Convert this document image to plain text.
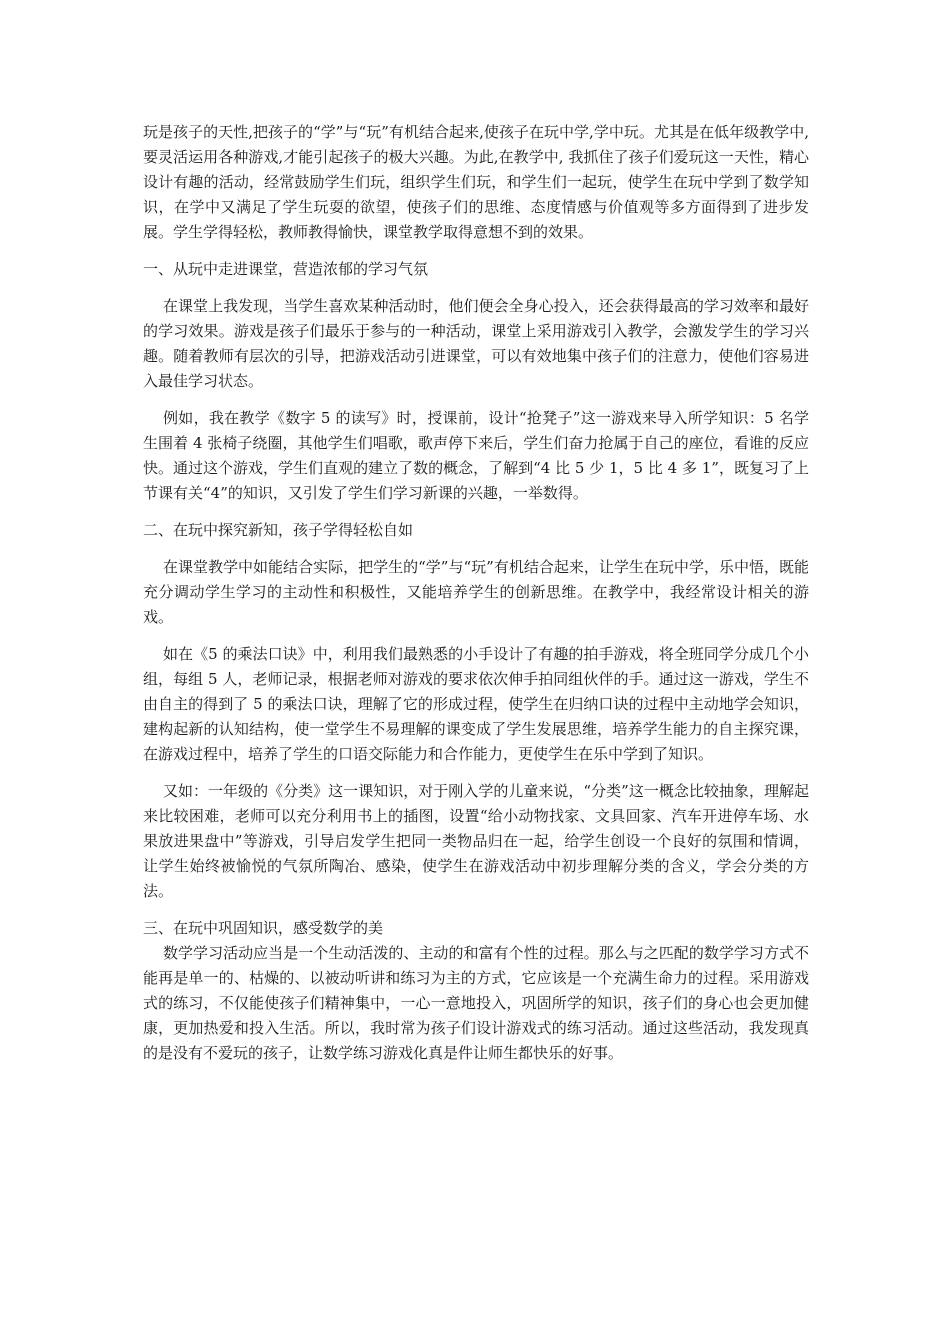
玩是孩子的天性,把孩子的“学”与“玩”有机结合起来,使孩子在玩中学,学中玩。尤其是在低年级教学中,要灵活运用各种游戏,才能引起孩子的极大兴趣。为此,在教学中, 我抓住了孩子们爱玩这一天性，精心设计有趣的活动，经常鼓励学生们玩，组织学生们玩，和学生们一起玩，使学生在玩中学到了数学知识，在学中又满足了学生玩耍的欲望，使孩子们的思维、态度情感与价值观等多方面得到了进步发展。学生学得轻松，教师教得愉快，课堂教学取得意想不到的效果。

一、从玩中走进课堂，营造浓郁的学习气氛

在课堂上我发现，当学生喜欢某种活动时，他们便会全身心投入，还会获得最高的学习效率和最好的学习效果。游戏是孩子们最乐于参与的一种活动，课堂上采用游戏引入教学，会激发学生的学习兴趣。随着教师有层次的引导，把游戏活动引进课堂，可以有效地集中孩子们的注意力，使他们容易进入最佳学习状态。

例如，我在教学《数字 5 的读写》时，授课前，设计“抢凳子”这一游戏来导入所学知识：5 名学生围着 4 张椅子绕圈，其他学生们唱歌，歌声停下来后，学生们奋力抢属于自己的座位，看谁的反应快。通过这个游戏，学生们直观的建立了数的概念，了解到“4 比 5 少 1，5 比 4 多 1”，既复习了上节课有关“4”的知识，又引发了学生们学习新课的兴趣，一举数得。

二、在玩中探究新知，孩子学得轻松自如

在课堂教学中如能结合实际，把学生的“学”与“玩”有机结合起来，让学生在玩中学，乐中悟，既能充分调动学生学习的主动性和积极性，又能培养学生的创新思维。在教学中，我经常设计相关的游戏。

如在《5 的乘法口诀》中，利用我们最熟悉的小手设计了有趣的拍手游戏，将全班同学分成几个小组，每组 5 人，老师记录，根据老师对游戏的要求依次伸手拍同组伙伴的手。通过这一游戏，学生不由自主的得到了 5 的乘法口诀，理解了它的形成过程，使学生在归纳口诀的过程中主动地学会知识，建构起新的认知结构，使一堂学生不易理解的课变成了学生发展思维，培养学生能力的自主探究课，在游戏过程中，培养了学生的口语交际能力和合作能力，更使学生在乐中学到了知识。

又如：一年级的《分类》这一课知识，对于刚入学的儿童来说，“分类”这一概念比较抽象，理解起来比较困难，老师可以充分利用书上的插图，设置“给小动物找家、文具回家、汽车开进停车场、水果放进果盘中”等游戏，引导启发学生把同一类物品归在一起，给学生创设一个良好的氛围和情调，让学生始终被愉悦的气氛所陶冶、感染，使学生在游戏活动中初步理解分类的含义，学会分类的方法。

三、在玩中巩固知识，感受数学的美

数学学习活动应当是一个生动活泼的、主动的和富有个性的过程。那么与之匹配的数学学习方式不能再是单一的、枯燥的、以被动听讲和练习为主的方式，它应该是一个充满生命力的过程。采用游戏式的练习，不仅能使孩子们精神集中，一心一意地投入，巩固所学的知识，孩子们的身心也会更加健康，更加热爱和投入生活。所以，我时常为孩子们设计游戏式的练习活动。通过这些活动，我发现真的是没有不爱玩的孩子，让数学练习游戏化真是件让师生都快乐的好事。
